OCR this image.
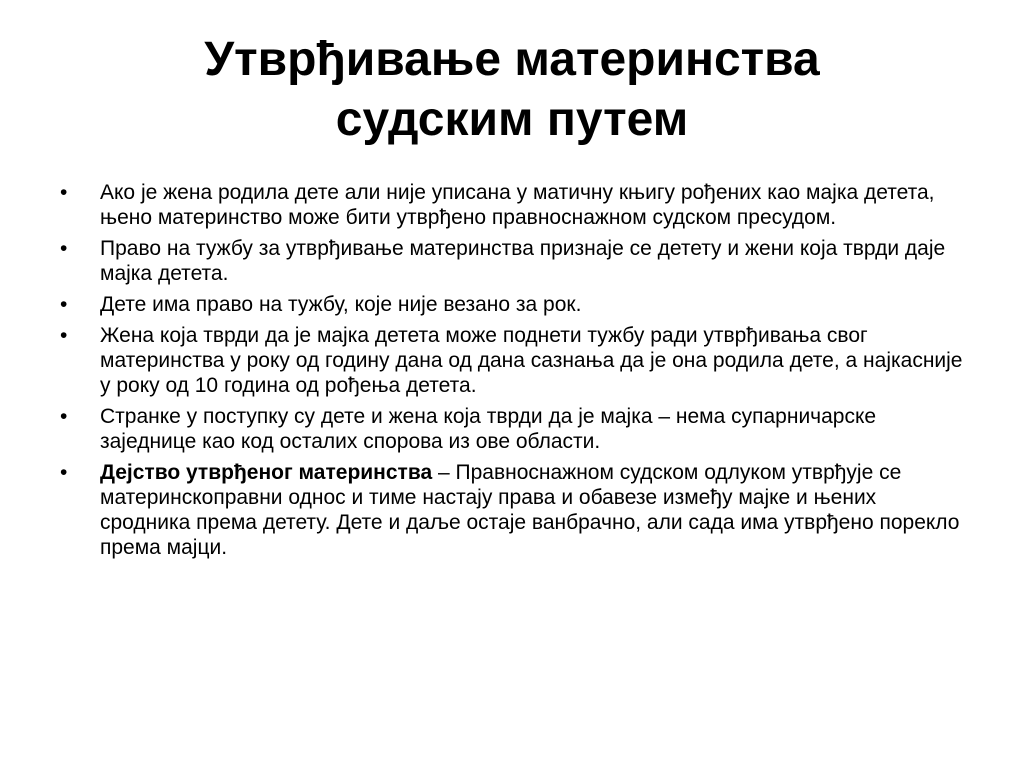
Утврђивање материнства
судским путем
•	Ако је жена родила дете али није уписана у матичну књигу рођених као мајка детета, њено материнство може бити утврђено правноснажном судском пресудом.
•	Право на тужбу за утврђивање материнства признаје се детету и жени која тврди даје мајка детета.
•	Дете има право на тужбу, које није везано за рок.
•	Жена која тврди да је мајка детета може поднети тужбу ради утврђивања свог материнства у року од годину дана од дана сазнања да је она родила дете, а најкасније у року од 10 година од рођења детета.
•	Странке у поступку су дете и жена која тврди да је мајка – нема супарничарске заједнице као код осталих спорова из ове области.
•	Дејство утврђеног материнства – Правноснажном судском одлуком утврђује се материнскоправни однос и тиме настају права и обавезе између мајке и њених сродника према детету. Дете и даље остаје ванбрачно, али сада има утврђено порекло према мајци.
